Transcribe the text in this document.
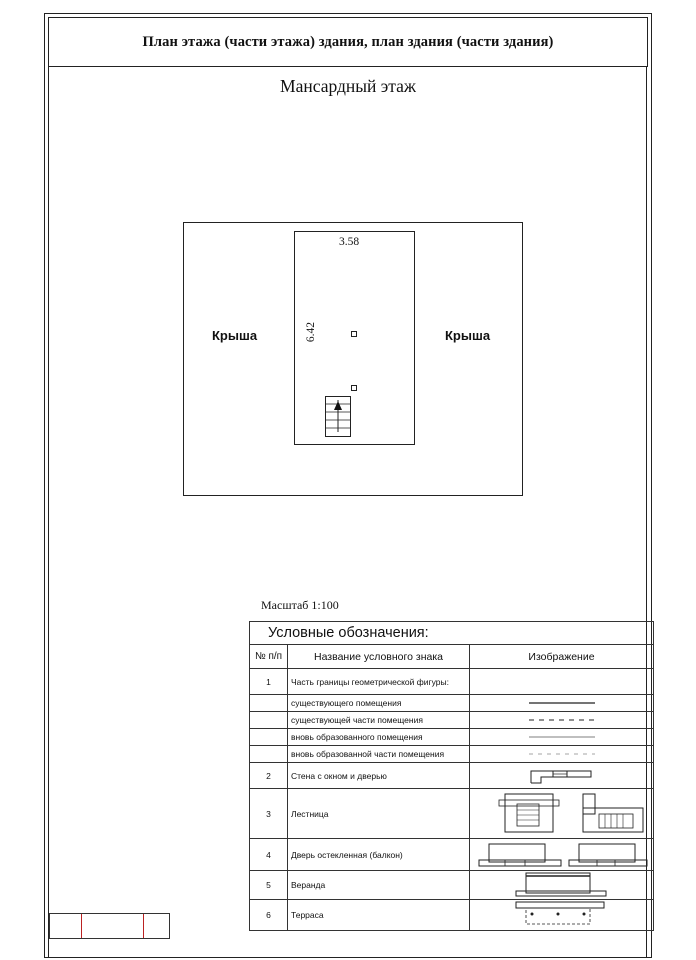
План этажа (части этажа) здания, план здания (части здания)
Мансардный этаж
3.58
6.42
Крыша	Крыша
Масштаб 1:100
Условные обозначения:		
№ п/п	Название условного знака	Изображение
1	Часть границы геометрической фигуры:	
	существующего помещения	
	существующей части помещения	
	вновь образованного помещения	
	вновь образованной части помещения	
2	Стена с окном и дверью	
3	Лестница	
4	Дверь остекленная (балкон)	
5	Веранда	
6	Терраса	
